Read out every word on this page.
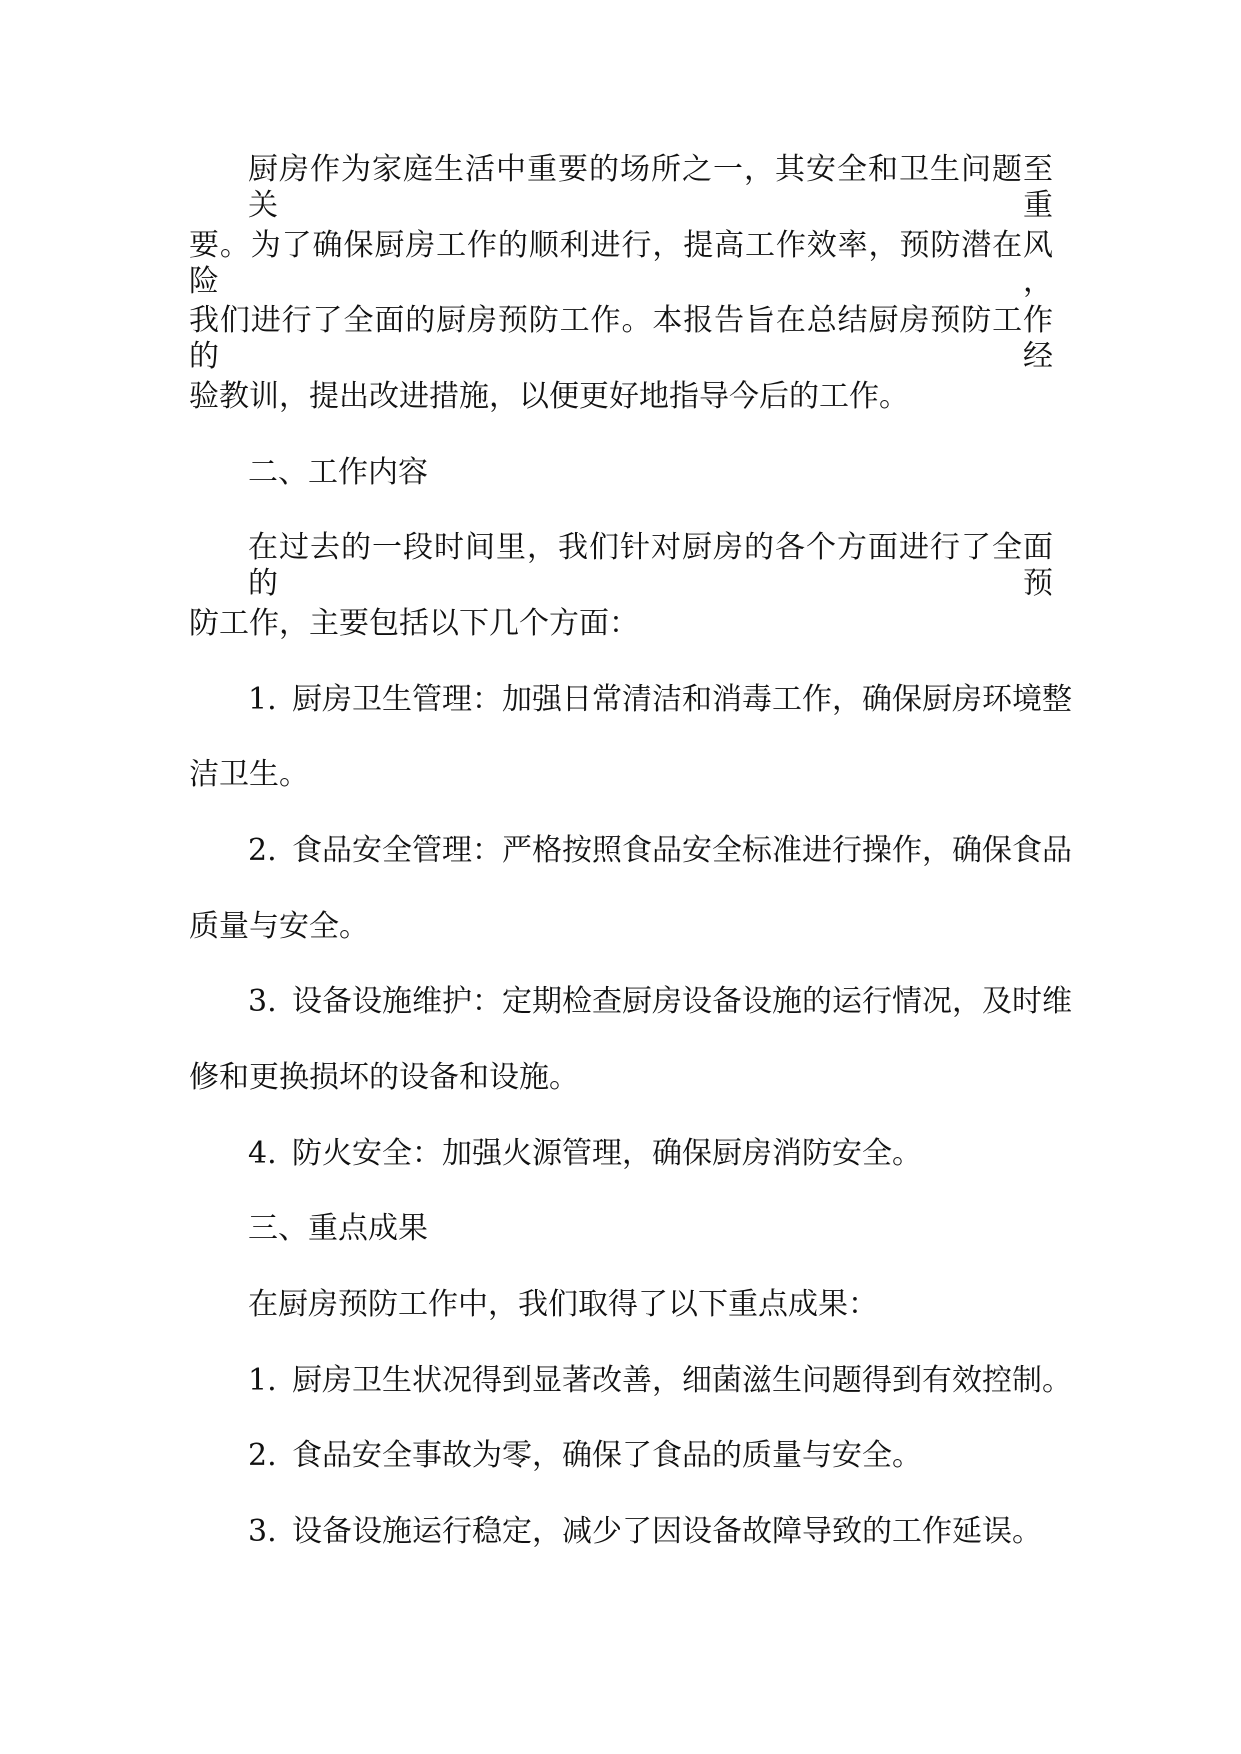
厨房作为家庭生活中重要的场所之一，其安全和卫生问题至关重
要。为了确保厨房工作的顺利进行，提高工作效率，预防潜在风险，
我们进行了全面的厨房预防工作。本报告旨在总结厨房预防工作的经
验教训，提出改进措施，以便更好地指导今后的工作。
二、工作内容
在过去的一段时间里，我们针对厨房的各个方面进行了全面的预
防工作，主要包括以下几个方面：
1. 厨房卫生管理：加强日常清洁和消毒工作，确保厨房环境整
洁卫生。
2. 食品安全管理：严格按照食品安全标准进行操作，确保食品
质量与安全。
3. 设备设施维护：定期检查厨房设备设施的运行情况，及时维
修和更换损坏的设备和设施。
4. 防火安全：加强火源管理，确保厨房消防安全。
三、重点成果
在厨房预防工作中，我们取得了以下重点成果：
1. 厨房卫生状况得到显著改善，细菌滋生问题得到有效控制。
2. 食品安全事故为零，确保了食品的质量与安全。
3. 设备设施运行稳定，减少了因设备故障导致的工作延误。
